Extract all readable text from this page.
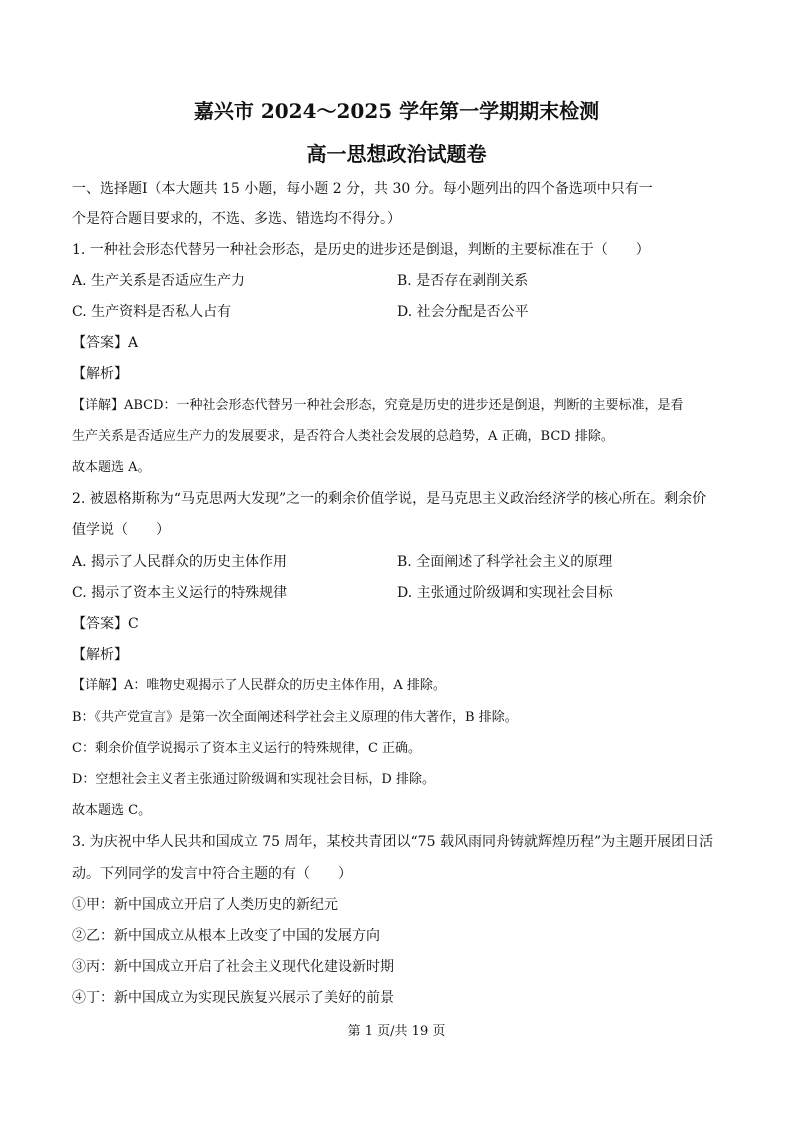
嘉兴市 2024～2025 学年第一学期期末检测
高一思想政治试题卷
一、选择题Ⅰ（本大题共 15 小题，每小题 2 分，共 30 分。每小题列出的四个备选项中只有一
个是符合题目要求的，不选、多选、错选均不得分。）
1. 一种社会形态代替另一种社会形态，是历史的进步还是倒退，判断的主要标准在于（　　）
A. 生产关系是否适应生产力	B. 是否存在剥削关系
C. 生产资料是否私人占有	D. 社会分配是否公平
【答案】A
【解析】
【详解】ABCD：一种社会形态代替另一种社会形态，究竟是历史的进步还是倒退，判断的主要标准，是看
生产关系是否适应生产力的发展要求，是否符合人类社会发展的总趋势，A 正确，BCD 排除。
故本题选 A。
2. 被恩格斯称为“马克思两大发现”之一的剩余价值学说，是马克思主义政治经济学的核心所在。剩余价
值学说（　　）
A. 揭示了人民群众的历史主体作用	B. 全面阐述了科学社会主义的原理
C. 揭示了资本主义运行的特殊规律	D. 主张通过阶级调和实现社会目标
【答案】C
【解析】
【详解】A：唯物史观揭示了人民群众的历史主体作用，A 排除。
B：《共产党宣言》是第一次全面阐述科学社会主义原理的伟大著作，B 排除。
C：剩余价值学说揭示了资本主义运行的特殊规律，C 正确。
D：空想社会主义者主张通过阶级调和实现社会目标，D 排除。
故本题选 C。
3. 为庆祝中华人民共和国成立 75 周年，某校共青团以“75 载风雨同舟铸就辉煌历程”为主题开展团日活
动。下列同学的发言中符合主题的有（　　）
①甲：新中国成立开启了人类历史的新纪元
②乙：新中国成立从根本上改变了中国的发展方向
③丙：新中国成立开启了社会主义现代化建设新时期
④丁：新中国成立为实现民族复兴展示了美好的前景
第 1 页/共 19 页
